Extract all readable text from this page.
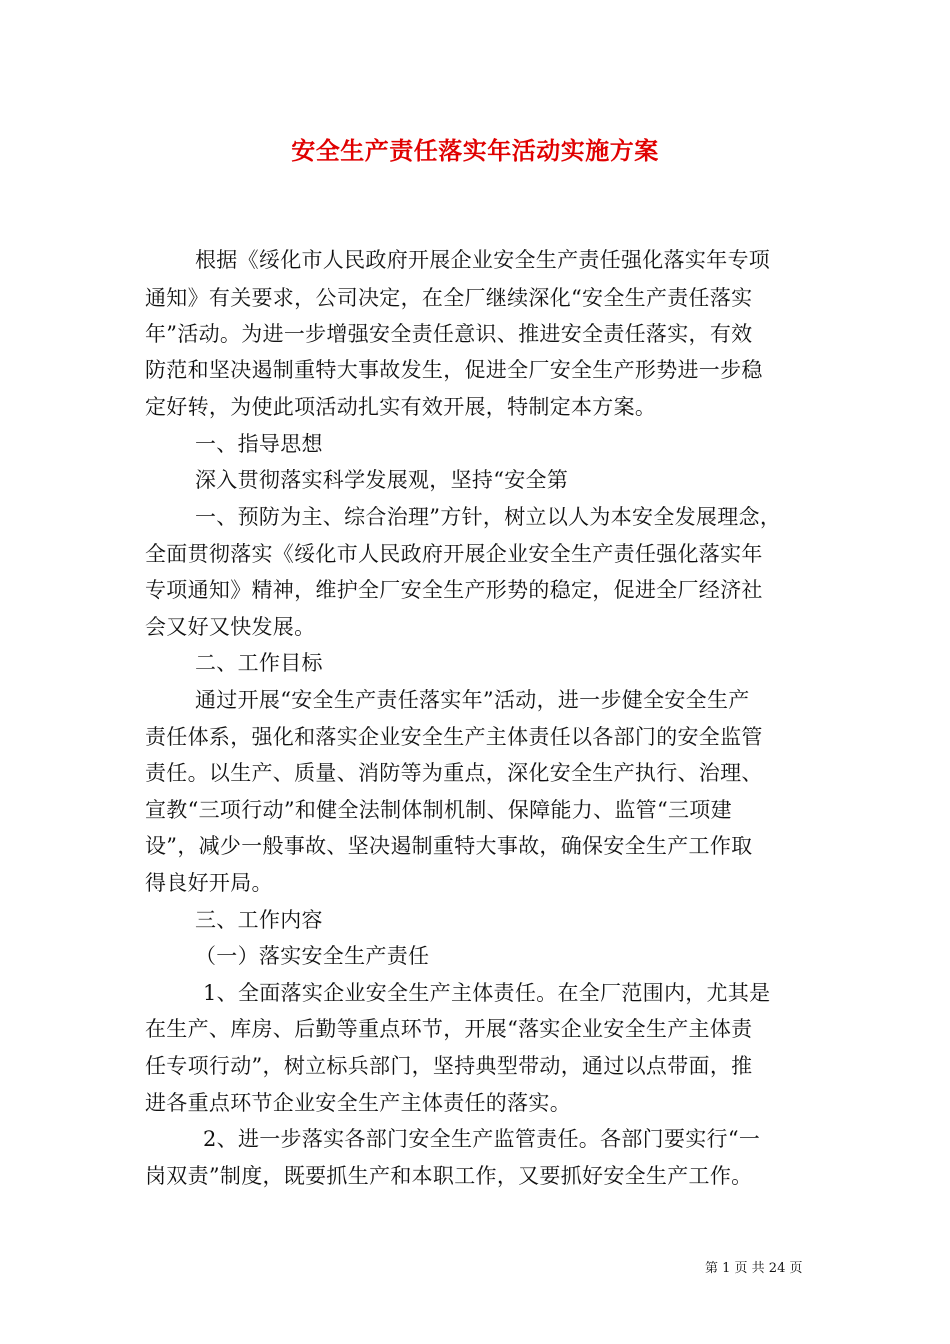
安全生产责任落实年活动实施方案
根据《绥化市人民政府开展企业安全生产责任强化落实年专项
通知》有关要求，公司决定，在全厂继续深化“安全生产责任落实
年”活动。为进一步增强安全责任意识、推进安全责任落实，有效
防范和坚决遏制重特大事故发生，促进全厂安全生产形势进一步稳
定好转，为使此项活动扎实有效开展，特制定本方案。
一、指导思想
深入贯彻落实科学发展观，坚持“安全第
一、预防为主、综合治理”方针，树立以人为本安全发展理念，
全面贯彻落实《绥化市人民政府开展企业安全生产责任强化落实年
专项通知》精神，维护全厂安全生产形势的稳定，促进全厂经济社
会又好又快发展。
二、工作目标
通过开展“安全生产责任落实年”活动，进一步健全安全生产
责任体系，强化和落实企业安全生产主体责任以各部门的安全监管
责任。以生产、质量、消防等为重点，深化安全生产执行、治理、
宣教“三项行动”和健全法制体制机制、保障能力、监管“三项建
设”，减少一般事故、坚决遏制重特大事故，确保安全生产工作取
得良好开局。
三、工作内容
（一）落实安全生产责任
1、全面落实企业安全生产主体责任。在全厂范围内，尤其是
在生产、库房、后勤等重点环节，开展“落实企业安全生产主体责
任专项行动”，树立标兵部门，坚持典型带动，通过以点带面，推
进各重点环节企业安全生产主体责任的落实。
2、进一步落实各部门安全生产监管责任。各部门要实行“一
岗双责”制度，既要抓生产和本职工作，又要抓好安全生产工作。
第 1 页 共 24 页
